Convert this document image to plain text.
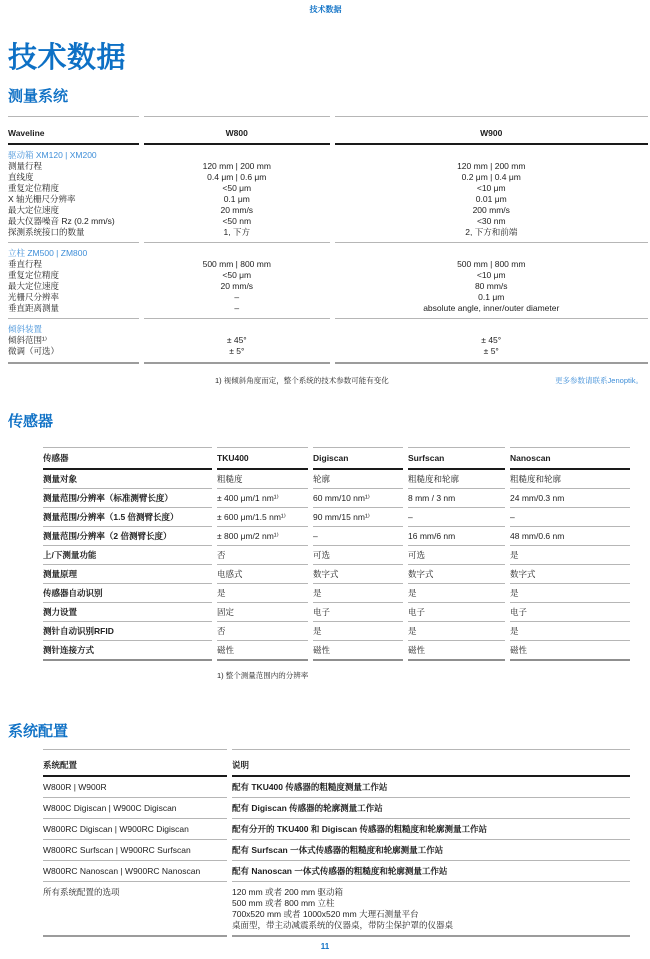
技术数据
技术数据
测量系统
Waveline	W800	W900
驱动箱 XM120 | XM200		
测量行程	120 mm | 200 mm	120 mm | 200 mm
直线度	0.4 μm | 0.6 μm	0.2 μm | 0.4 μm
重复定位精度	<50 μm	<10 μm
X 轴光栅尺分辨率	0.1 μm	0.01 μm
最大定位速度	20 mm/s	200 mm/s
最大仪器噪音 Rz (0.2 mm/s)	<50 nm	<30 nm
探测系统接口的数量	1, 下方	2, 下方和前端
立柱 ZM500 | ZM800		
垂直行程	500 mm | 800 mm	500 mm | 800 mm
重复定位精度	<50 μm	<10 μm
最大定位速度	20 mm/s	80 mm/s
光栅尺分辨率	–	0.1 μm
垂直距离测量	–	absolute angle, inner/outer diameter
倾斜装置		
倾斜范围¹⁾	± 45°	± 45°
微调（可选）	± 5°	± 5°
1) 视倾斜角度而定，整个系统的技术参数可能有变化	更多参数请联系Jenoptik。
传感器
传感器	TKU400	Digiscan	Surfscan	Nanoscan
测量对象	粗糙度	轮廓	粗糙度和轮廓	粗糙度和轮廓
测量范围/分辨率（标准测臂长度）	± 400 μm/1 nm¹⁾	60 mm/10 nm¹⁾	8 mm / 3 nm	24 mm/0.3 nm
测量范围/分辨率（1.5 倍测臂长度）	± 600 μm/1.5 nm¹⁾	90 mm/15 nm¹⁾	–	–
测量范围/分辨率（2 倍测臂长度）	± 800 μm/2 nm¹⁾	–	16 mm/6 nm	48 mm/0.6 nm
上/下测量功能	否	可选	可选	是
测量原理	电感式	数字式	数字式	数字式
传感器自动识别	是	是	是	是
测力设置	固定	电子	电子	电子
测针自动识别RFID	否	是	是	是
测针连接方式	磁性	磁性	磁性	磁性
1) 整个测量范围内的分辨率
系统配置
系统配置	说明
W800R | W900R	配有 TKU400 传感器的粗糙度测量工作站

W800C Digiscan | W900C Digiscan	配有 Digiscan 传感器的轮廓测量工作站

W800RC Digiscan | W900RC Digiscan	配有分开的 TKU400 和 Digiscan 传感器的粗糙度和轮廓测量工作站

W800RC Surfscan | W900RC Surfscan	配有 Surfscan 一体式传感器的粗糙度和轮廓测量工作站

W800RC Nanoscan | W900RC Nanoscan	配有 Nanoscan 一体式传感器的粗糙度和轮廓测量工作站

所有系统配置的选项	120 mm 或者 200 mm 驱动箱
500 mm 或者 800 mm 立柱
700x520 mm 或者 1000x520 mm 大理石测量平台
桌面型，带主动减震系统的仪器桌，带防尘保护罩的仪器桌
11
